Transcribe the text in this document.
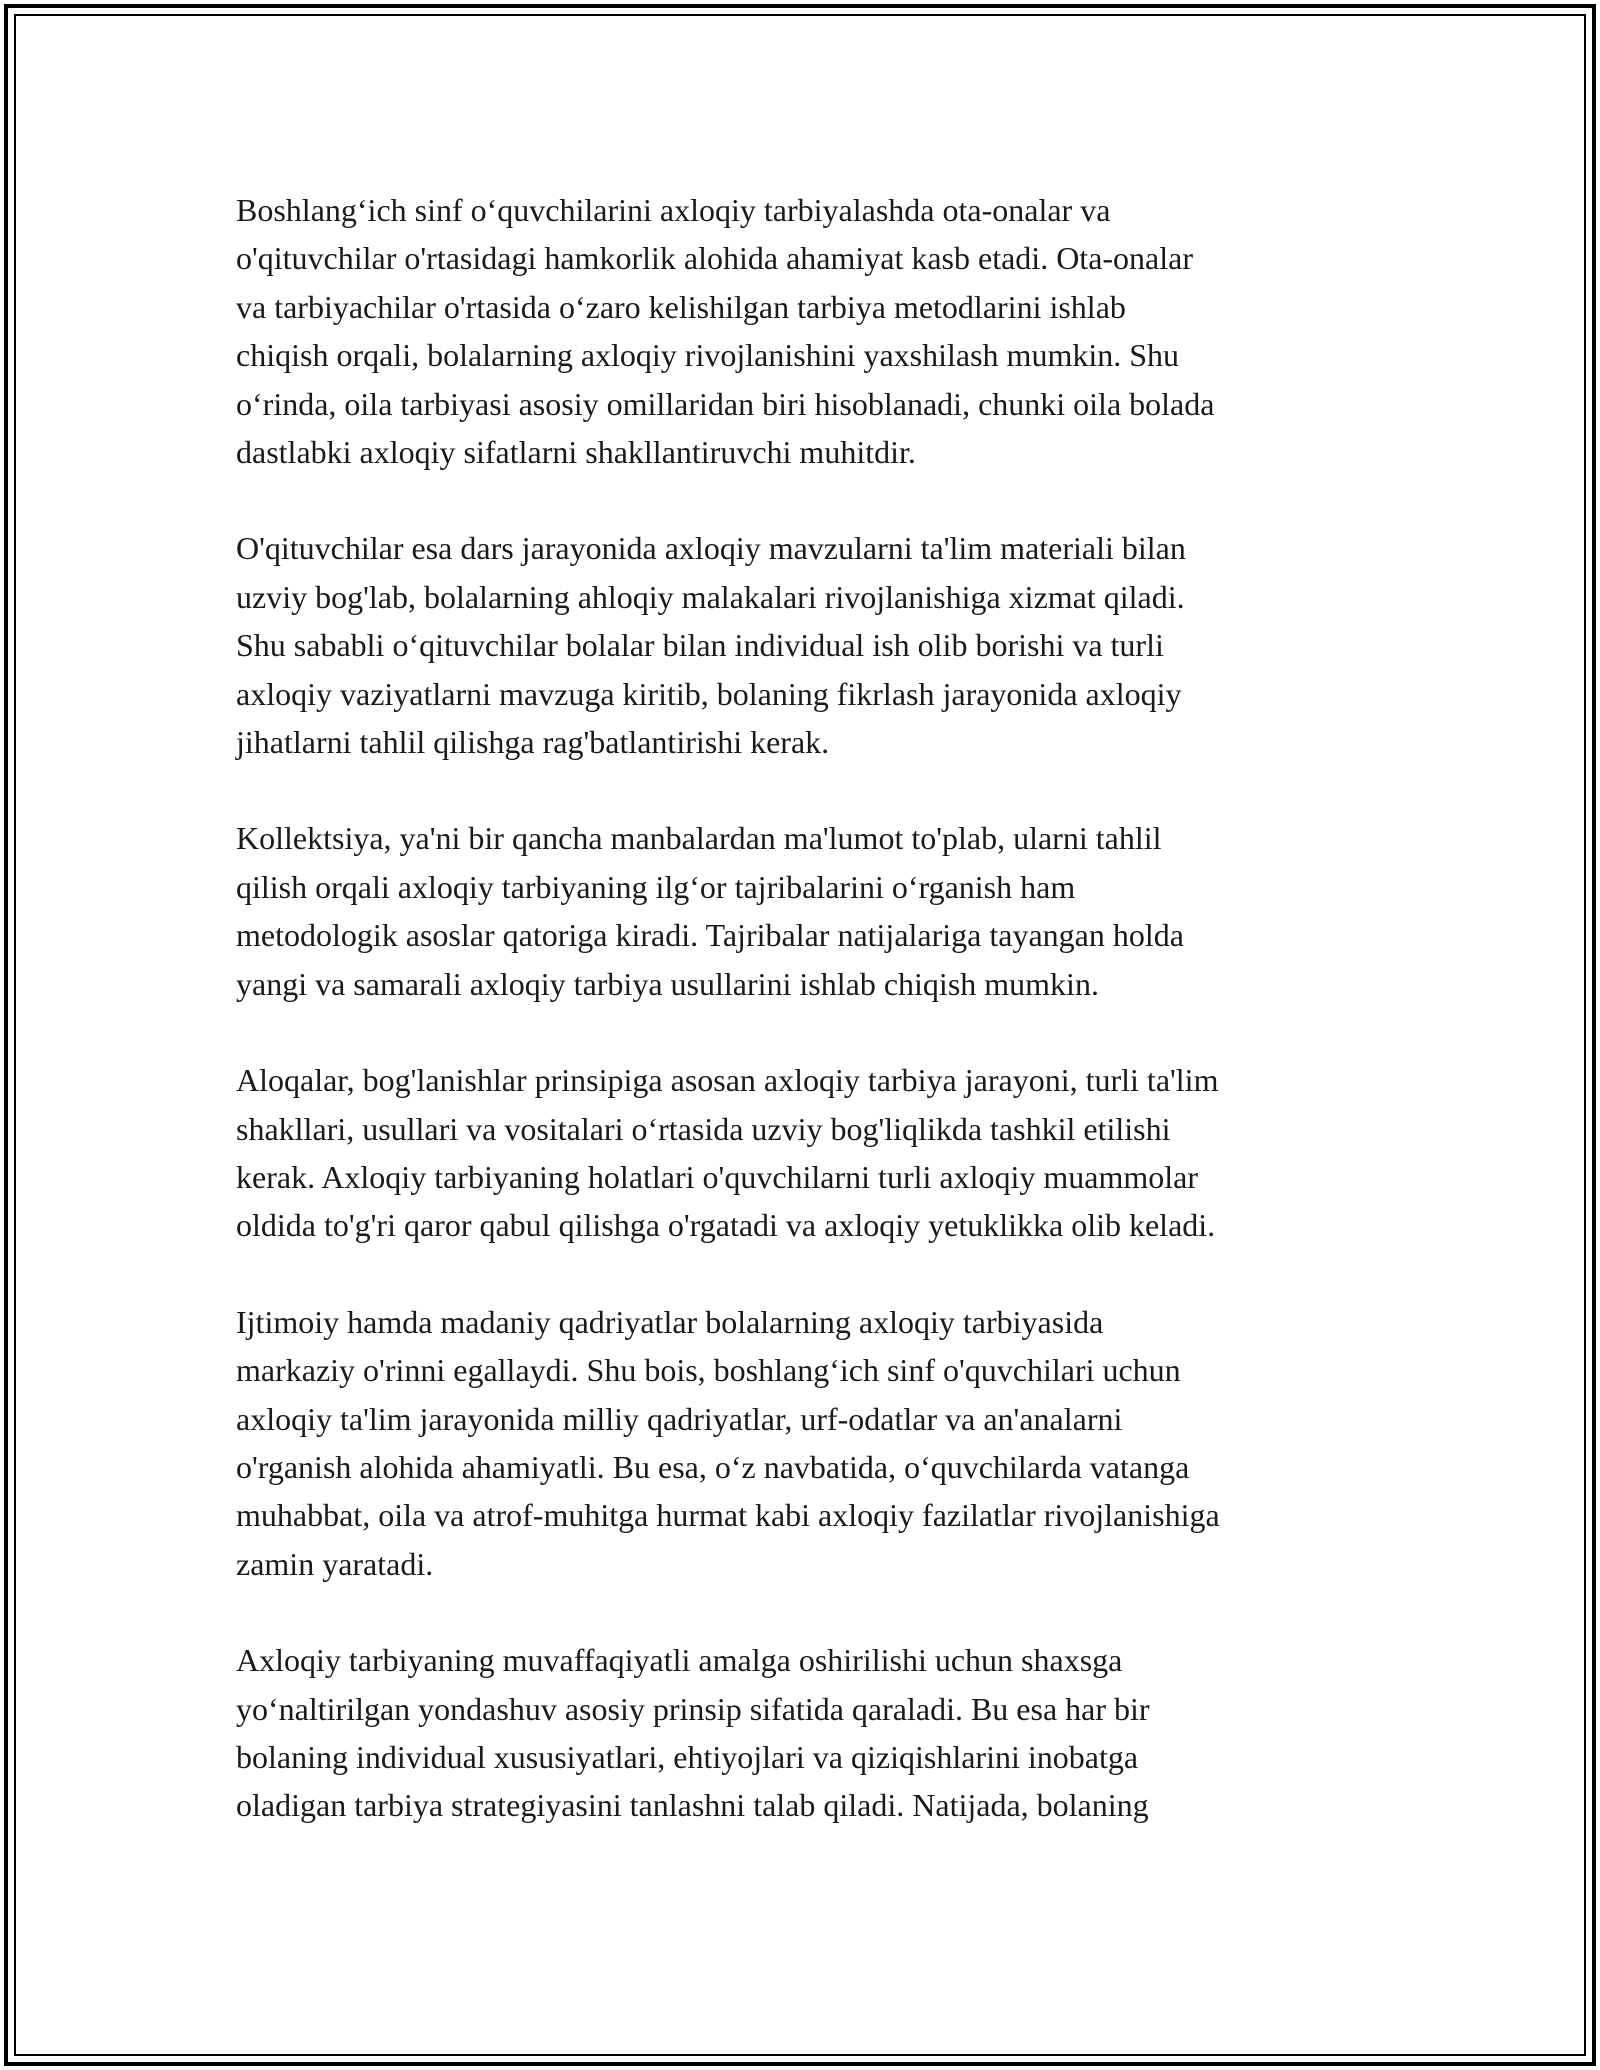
Boshlang‘ich sinf o‘quvchilarini axloqiy tarbiyalashda ota-onalar va
o'qituvchilar o'rtasidagi hamkorlik alohida ahamiyat kasb etadi. Ota-onalar
va tarbiyachilar o'rtasida o‘zaro kelishilgan tarbiya metodlarini ishlab
chiqish orqali, bolalarning axloqiy rivojlanishini yaxshilash mumkin. Shu
o‘rinda, oila tarbiyasi asosiy omillaridan biri hisoblanadi, chunki oila bolada
dastlabki axloqiy sifatlarni shakllantiruvchi muhitdir.

O'qituvchilar esa dars jarayonida axloqiy mavzularni ta'lim materiali bilan
uzviy bog'lab, bolalarning ahloqiy malakalari rivojlanishiga xizmat qiladi.
Shu sababli o‘qituvchilar bolalar bilan individual ish olib borishi va turli
axloqiy vaziyatlarni mavzuga kiritib, bolaning fikrlash jarayonida axloqiy
jihatlarni tahlil qilishga rag'batlantirishi kerak.

Kollektsiya, ya'ni bir qancha manbalardan ma'lumot to'plab, ularni tahlil
qilish orqali axloqiy tarbiyaning ilg‘or tajribalarini o‘rganish ham
metodologik asoslar qatoriga kiradi. Tajribalar natijalariga tayangan holda
yangi va samarali axloqiy tarbiya usullarini ishlab chiqish mumkin.

Aloqalar, bog'lanishlar prinsipiga asosan axloqiy tarbiya jarayoni, turli ta'lim
shakllari, usullari va vositalari o‘rtasida uzviy bog'liqlikda tashkil etilishi
kerak. Axloqiy tarbiyaning holatlari o'quvchilarni turli axloqiy muammolar
oldida to'g'ri qaror qabul qilishga o'rgatadi va axloqiy yetuklikka olib keladi.

Ijtimoiy hamda madaniy qadriyatlar bolalarning axloqiy tarbiyasida
markaziy o'rinni egallaydi. Shu bois, boshlang‘ich sinf o'quvchilari uchun
axloqiy ta'lim jarayonida milliy qadriyatlar, urf-odatlar va an'analarni
o'rganish alohida ahamiyatli. Bu esa, o‘z navbatida, o‘quvchilarda vatanga
muhabbat, oila va atrof-muhitga hurmat kabi axloqiy fazilatlar rivojlanishiga
zamin yaratadi.

Axloqiy tarbiyaning muvaffaqiyatli amalga oshirilishi uchun shaxsga
yo‘naltirilgan yondashuv asosiy prinsip sifatida qaraladi. Bu esa har bir
bolaning individual xususiyatlari, ehtiyojlari va qiziqishlarini inobatga
oladigan tarbiya strategiyasini tanlashni talab qiladi. Natijada, bolaning
